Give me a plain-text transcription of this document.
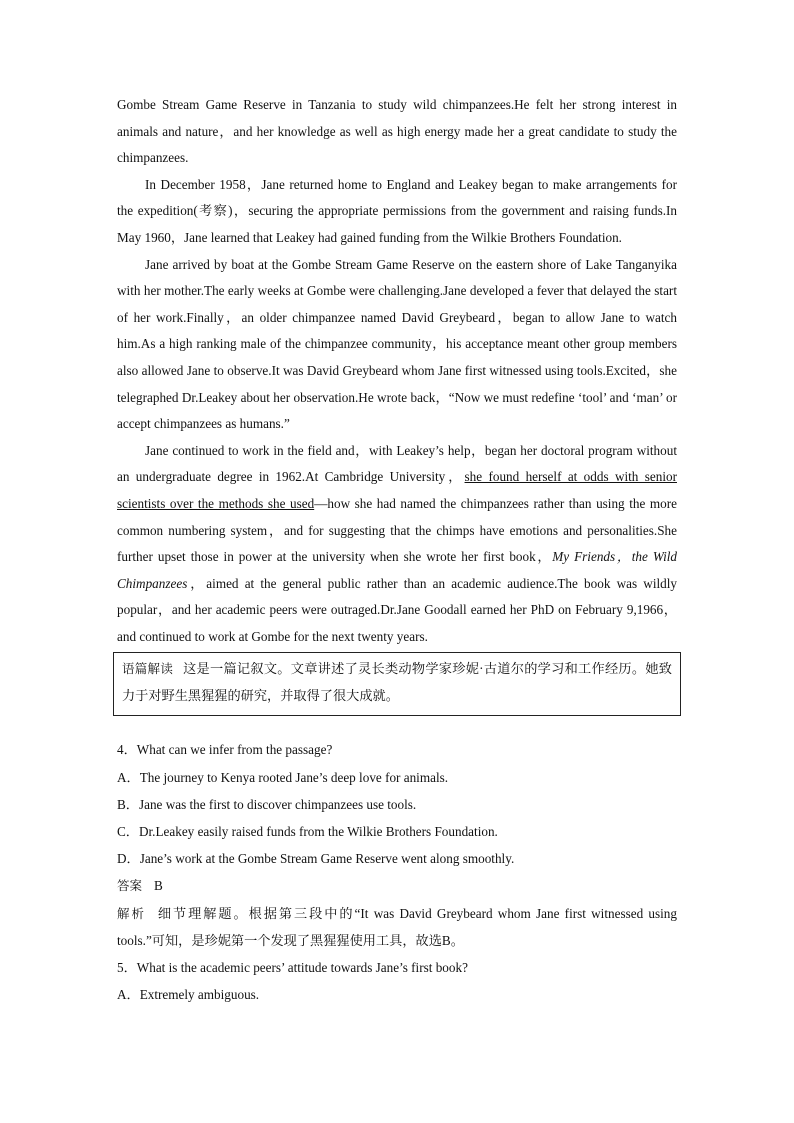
Gombe Stream Game Reserve in Tanzania to study wild chimpanzees.He felt her strong interest in animals and nature，and her knowledge as well as high energy made her a great candidate to study the chimpanzees.

In December 1958，Jane returned home to England and Leakey began to make arrangements for the expedition(考察)，securing the appropriate permissions from the government and raising funds.In May 1960，Jane learned that Leakey had gained funding from the Wilkie Brothers Foundation.

Jane arrived by boat at the Gombe Stream Game Reserve on the eastern shore of Lake Tanganyika with her mother.The early weeks at Gombe were challenging.Jane developed a fever that delayed the start of her work.Finally，an older chimpanzee named David Greybeard，began to allow Jane to watch him.As a high ranking male of the chimpanzee community，his acceptance meant other group members also allowed Jane to observe.It was David Greybeard whom Jane first witnessed using tools.Excited，she telegraphed Dr.Leakey about her observation.He wrote back，“Now we must redefine ‘tool’ and ‘man’ or accept chimpanzees as humans.”

Jane continued to work in the field and，with Leakey’s help，began her doctoral program without an undergraduate degree in 1962.At Cambridge University，she found herself at odds with senior scientists over the methods she used—how she had named the chimpanzees rather than using the more common numbering system，and for suggesting that the chimps have emotions and personalities.She further upset those in power at the university when she wrote her first book，My Friends，the Wild Chimpanzees，aimed at the general public rather than an academic audience.The book was wildly popular，and her academic peers were outraged.Dr.Jane Goodall earned her PhD on February 9,1966，and continued to work at Gombe for the next twenty years.

语篇解读 这是一篇记叙文。文章讲述了灵长类动物学家珍妮·古道尔的学习和工作经历。她致力于对野生黑猩猩的研究，并取得了很大成就。

4．What can we infer from the passage?

A．The journey to Kenya rooted Jane’s deep love for animals.

B．Jane was the first to discover chimpanzees use tools.

C．Dr.Leakey easily raised funds from the Wilkie Brothers Foundation.

D．Jane’s work at the Gombe Stream Game Reserve went along smoothly.

答案 B

解析 细节理解题。根据第三段中的“It was David Greybeard whom Jane first witnessed using tools.”可知，是珍妮第一个发现了黑猩猩使用工具，故选B。

5．What is the academic peers’ attitude towards Jane’s first book?

A．Extremely ambiguous.
